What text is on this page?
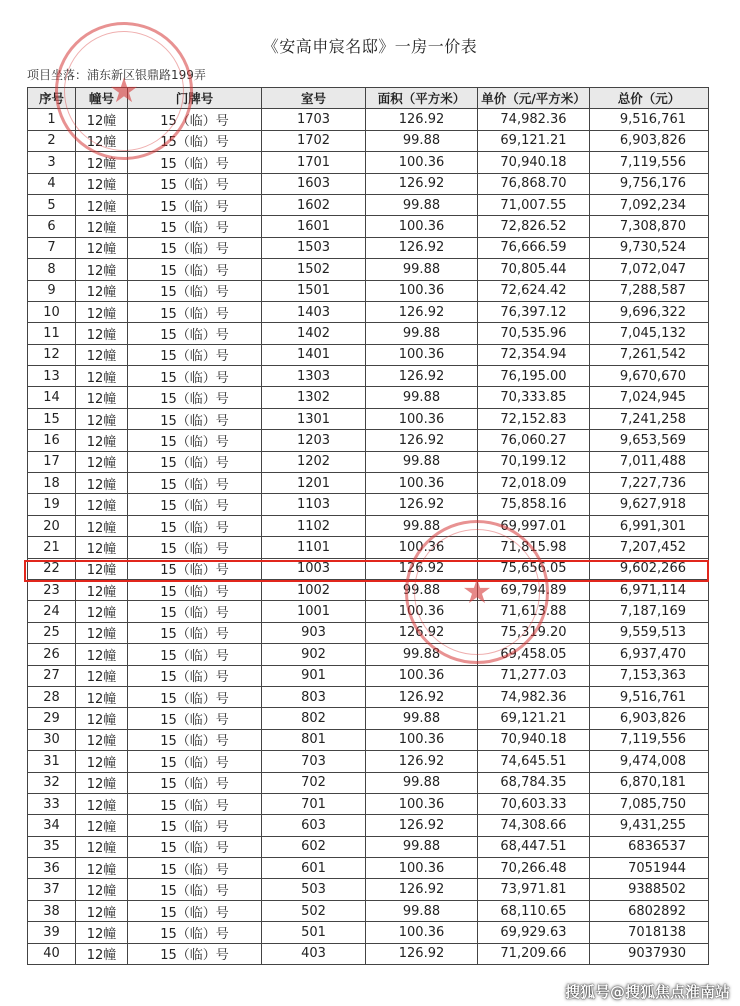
《安高申宸名邸》一房一价表
项目坐落：浦东新区银鼎路199弄
序号	幢号	门牌号	室号	面积（平方米）	单价（元/平方米）	总价（元）
1	12幢	15（临）号	1703	126.92	74,982.36	9,516,761
2	12幢	15（临）号	1702	99.88	69,121.21	6,903,826
3	12幢	15（临）号	1701	100.36	70,940.18	7,119,556
4	12幢	15（临）号	1603	126.92	76,868.70	9,756,176
5	12幢	15（临）号	1602	99.88	71,007.55	7,092,234
6	12幢	15（临）号	1601	100.36	72,826.52	7,308,870
7	12幢	15（临）号	1503	126.92	76,666.59	9,730,524
8	12幢	15（临）号	1502	99.88	70,805.44	7,072,047
9	12幢	15（临）号	1501	100.36	72,624.42	7,288,587
10	12幢	15（临）号	1403	126.92	76,397.12	9,696,322
11	12幢	15（临）号	1402	99.88	70,535.96	7,045,132
12	12幢	15（临）号	1401	100.36	72,354.94	7,261,542
13	12幢	15（临）号	1303	126.92	76,195.00	9,670,670
14	12幢	15（临）号	1302	99.88	70,333.85	7,024,945
15	12幢	15（临）号	1301	100.36	72,152.83	7,241,258
16	12幢	15（临）号	1203	126.92	76,060.27	9,653,569
17	12幢	15（临）号	1202	99.88	70,199.12	7,011,488
18	12幢	15（临）号	1201	100.36	72,018.09	7,227,736
19	12幢	15（临）号	1103	126.92	75,858.16	9,627,918
20	12幢	15（临）号	1102	99.88	69,997.01	6,991,301
21	12幢	15（临）号	1101	100.36	71,815.98	7,207,452
22	12幢	15（临）号	1003	126.92	75,656.05	9,602,266
23	12幢	15（临）号	1002	99.88	69,794.89	6,971,114
24	12幢	15（临）号	1001	100.36	71,613.88	7,187,169
25	12幢	15（临）号	903	126.92	75,319.20	9,559,513
26	12幢	15（临）号	902	99.88	69,458.05	6,937,470
27	12幢	15（临）号	901	100.36	71,277.03	7,153,363
28	12幢	15（临）号	803	126.92	74,982.36	9,516,761
29	12幢	15（临）号	802	99.88	69,121.21	6,903,826
30	12幢	15（临）号	801	100.36	70,940.18	7,119,556
31	12幢	15（临）号	703	126.92	74,645.51	9,474,008
32	12幢	15（临）号	702	99.88	68,784.35	6,870,181
33	12幢	15（临）号	701	100.36	70,603.33	7,085,750
34	12幢	15（临）号	603	126.92	74,308.66	9,431,255
35	12幢	15（临）号	602	99.88	68,447.51	6836537
36	12幢	15（临）号	601	100.36	70,266.48	7051944
37	12幢	15（临）号	503	126.92	73,971.81	9388502
38	12幢	15（临）号	502	99.88	68,110.65	6802892
39	12幢	15（临）号	501	100.36	69,929.63	7018138
40	12幢	15（临）号	403	126.92	71,209.66	9037930
★
★
搜狐号@搜狐焦点淮南站
